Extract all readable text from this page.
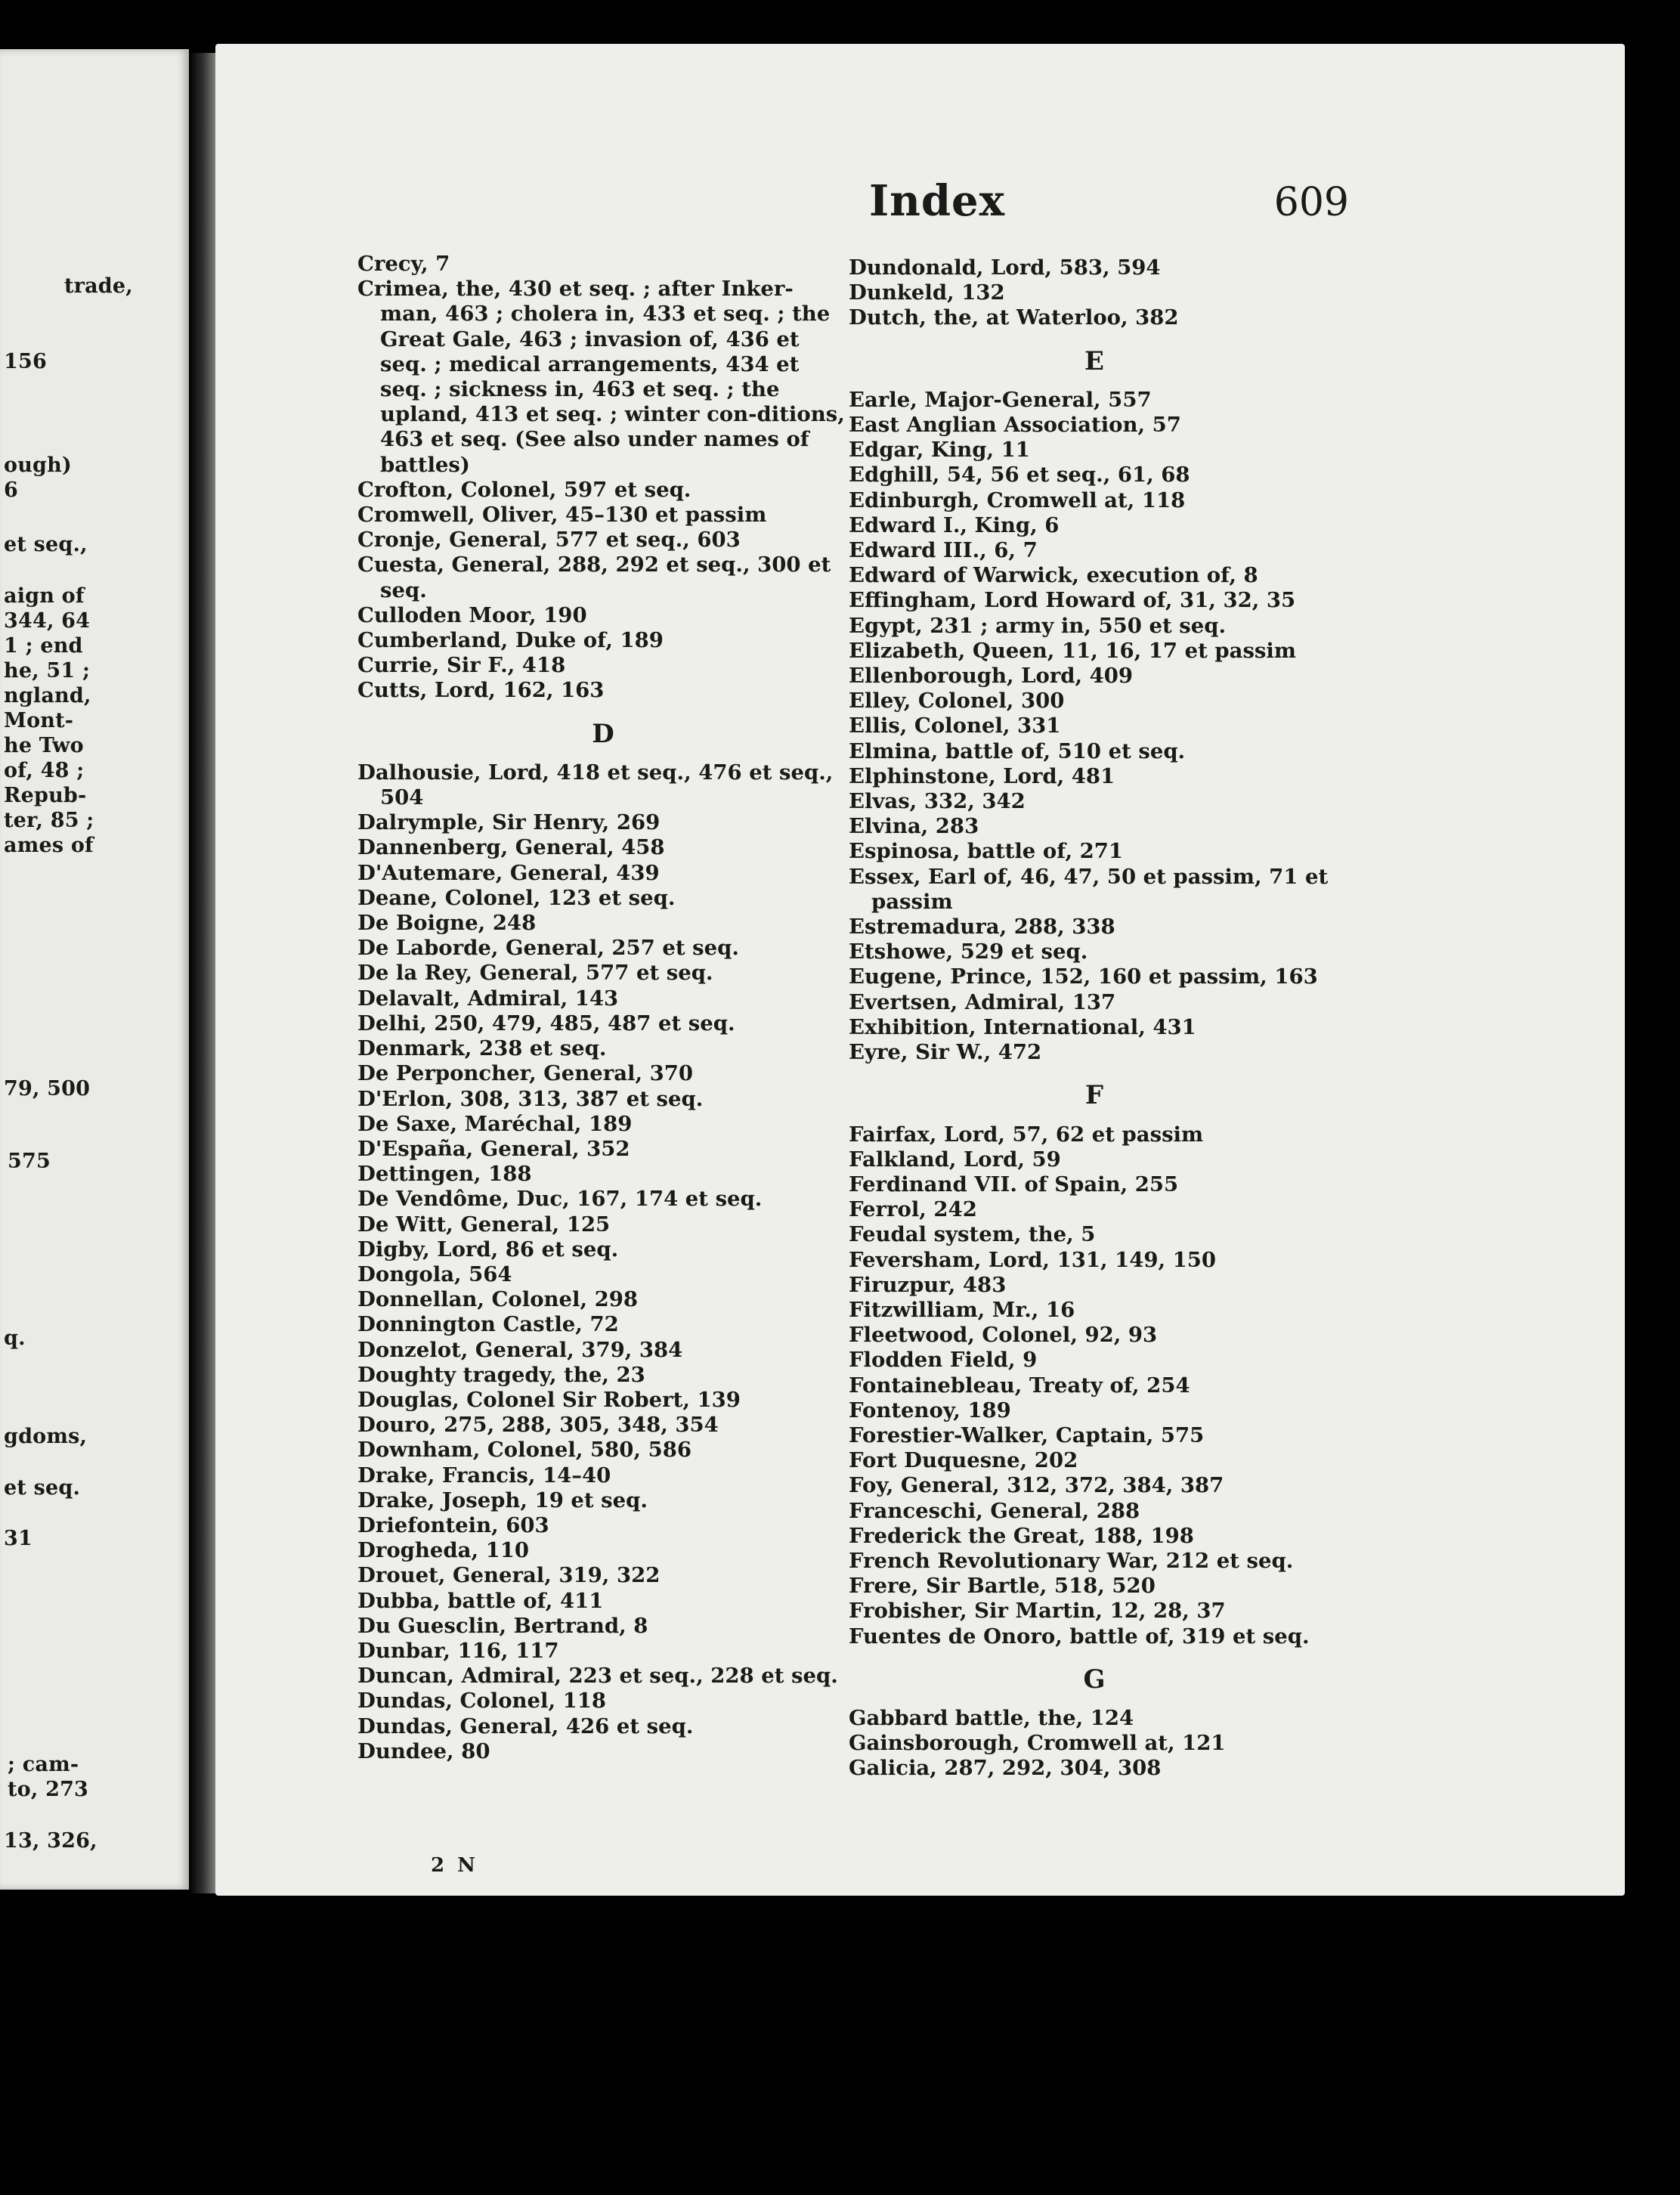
trade,
156
ough)
6
et seq.,
aign of
344, 64
1 ; end
he, 51 ;
ngland,
Mont-
he Two
of, 48 ;
Repub-
ter, 85 ;
ames of
79, 500
575
q.
gdoms,
et seq.
31
; cam-
to, 273
13, 326,
Index	609
Crecy, 7
Crimea, the, 430 et seq. ; after Inker-man, 463 ; cholera in, 433 et seq. ; the Great Gale, 463 ; invasion of, 436 et seq. ; medical arrangements, 434 et seq. ; sickness in, 463 et seq. ; the upland, 413 et seq. ; winter con-ditions, 463 et seq. (See also under names of battles)
Crofton, Colonel, 597 et seq.
Cromwell, Oliver, 45–130 et passim
Cronje, General, 577 et seq., 603
Cuesta, General, 288, 292 et seq., 300 et seq.
Culloden Moor, 190
Cumberland, Duke of, 189
Currie, Sir F., 418
Cutts, Lord, 162, 163
D
Dalhousie, Lord, 418 et seq., 476 et seq., 504
Dalrymple, Sir Henry, 269
Dannenberg, General, 458
D'Autemare, General, 439
Deane, Colonel, 123 et seq.
De Boigne, 248
De Laborde, General, 257 et seq.
De la Rey, General, 577 et seq.
Delavalt, Admiral, 143
Delhi, 250, 479, 485, 487 et seq.
Denmark, 238 et seq.
De Perponcher, General, 370
D'Erlon, 308, 313, 387 et seq.
De Saxe, Maréchal, 189
D'España, General, 352
Dettingen, 188
De Vendôme, Duc, 167, 174 et seq.
De Witt, General, 125
Digby, Lord, 86 et seq.
Dongola, 564
Donnellan, Colonel, 298
Donnington Castle, 72
Donzelot, General, 379, 384
Doughty tragedy, the, 23
Douglas, Colonel Sir Robert, 139
Douro, 275, 288, 305, 348, 354
Downham, Colonel, 580, 586
Drake, Francis, 14–40
Drake, Joseph, 19 et seq.
Driefontein, 603
Drogheda, 110
Drouet, General, 319, 322
Dubba, battle of, 411
Du Guesclin, Bertrand, 8
Dunbar, 116, 117
Duncan, Admiral, 223 et seq., 228 et seq.
Dundas, Colonel, 118
Dundas, General, 426 et seq.
Dundee, 80
Dundonald, Lord, 583, 594
Dunkeld, 132
Dutch, the, at Waterloo, 382
E
Earle, Major-General, 557
East Anglian Association, 57
Edgar, King, 11
Edghill, 54, 56 et seq., 61, 68
Edinburgh, Cromwell at, 118
Edward I., King, 6
Edward III., 6, 7
Edward of Warwick, execution of, 8
Effingham, Lord Howard of, 31, 32, 35
Egypt, 231 ; army in, 550 et seq.
Elizabeth, Queen, 11, 16, 17 et passim
Ellenborough, Lord, 409
Elley, Colonel, 300
Ellis, Colonel, 331
Elmina, battle of, 510 et seq.
Elphinstone, Lord, 481
Elvas, 332, 342
Elvina, 283
Espinosa, battle of, 271
Essex, Earl of, 46, 47, 50 et passim, 71 et passim
Estremadura, 288, 338
Etshowe, 529 et seq.
Eugene, Prince, 152, 160 et passim, 163
Evertsen, Admiral, 137
Exhibition, International, 431
Eyre, Sir W., 472
F
Fairfax, Lord, 57, 62 et passim
Falkland, Lord, 59
Ferdinand VII. of Spain, 255
Ferrol, 242
Feudal system, the, 5
Feversham, Lord, 131, 149, 150
Firuzpur, 483
Fitzwilliam, Mr., 16
Fleetwood, Colonel, 92, 93
Flodden Field, 9
Fontainebleau, Treaty of, 254
Fontenoy, 189
Forestier-Walker, Captain, 575
Fort Duquesne, 202
Foy, General, 312, 372, 384, 387
Franceschi, General, 288
Frederick the Great, 188, 198
French Revolutionary War, 212 et seq.
Frere, Sir Bartle, 518, 520
Frobisher, Sir Martin, 12, 28, 37
Fuentes de Onoro, battle of, 319 et seq.
G
Gabbard battle, the, 124
Gainsborough, Cromwell at, 121
Galicia, 287, 292, 304, 308
2 N
